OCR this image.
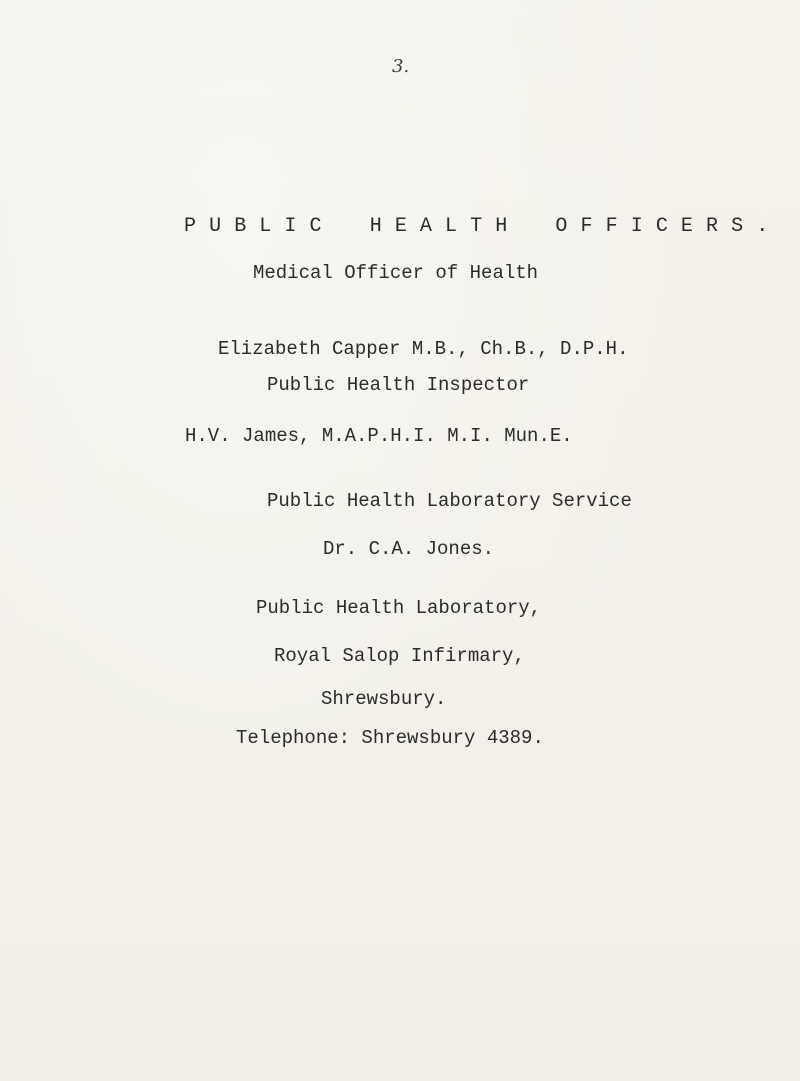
3.
PUBLIC HEALTH OFFICERS.
Medical Officer of Health
Elizabeth Capper M.B., Ch.B., D.P.H.
Public Health Inspector
H.V. James, M.A.P.H.I. M.I. Mun.E.
Public Health Laboratory Service
Dr. C.A. Jones.
Public Health Laboratory,
Royal Salop Infirmary,
Shrewsbury.
Telephone: Shrewsbury 4389.
